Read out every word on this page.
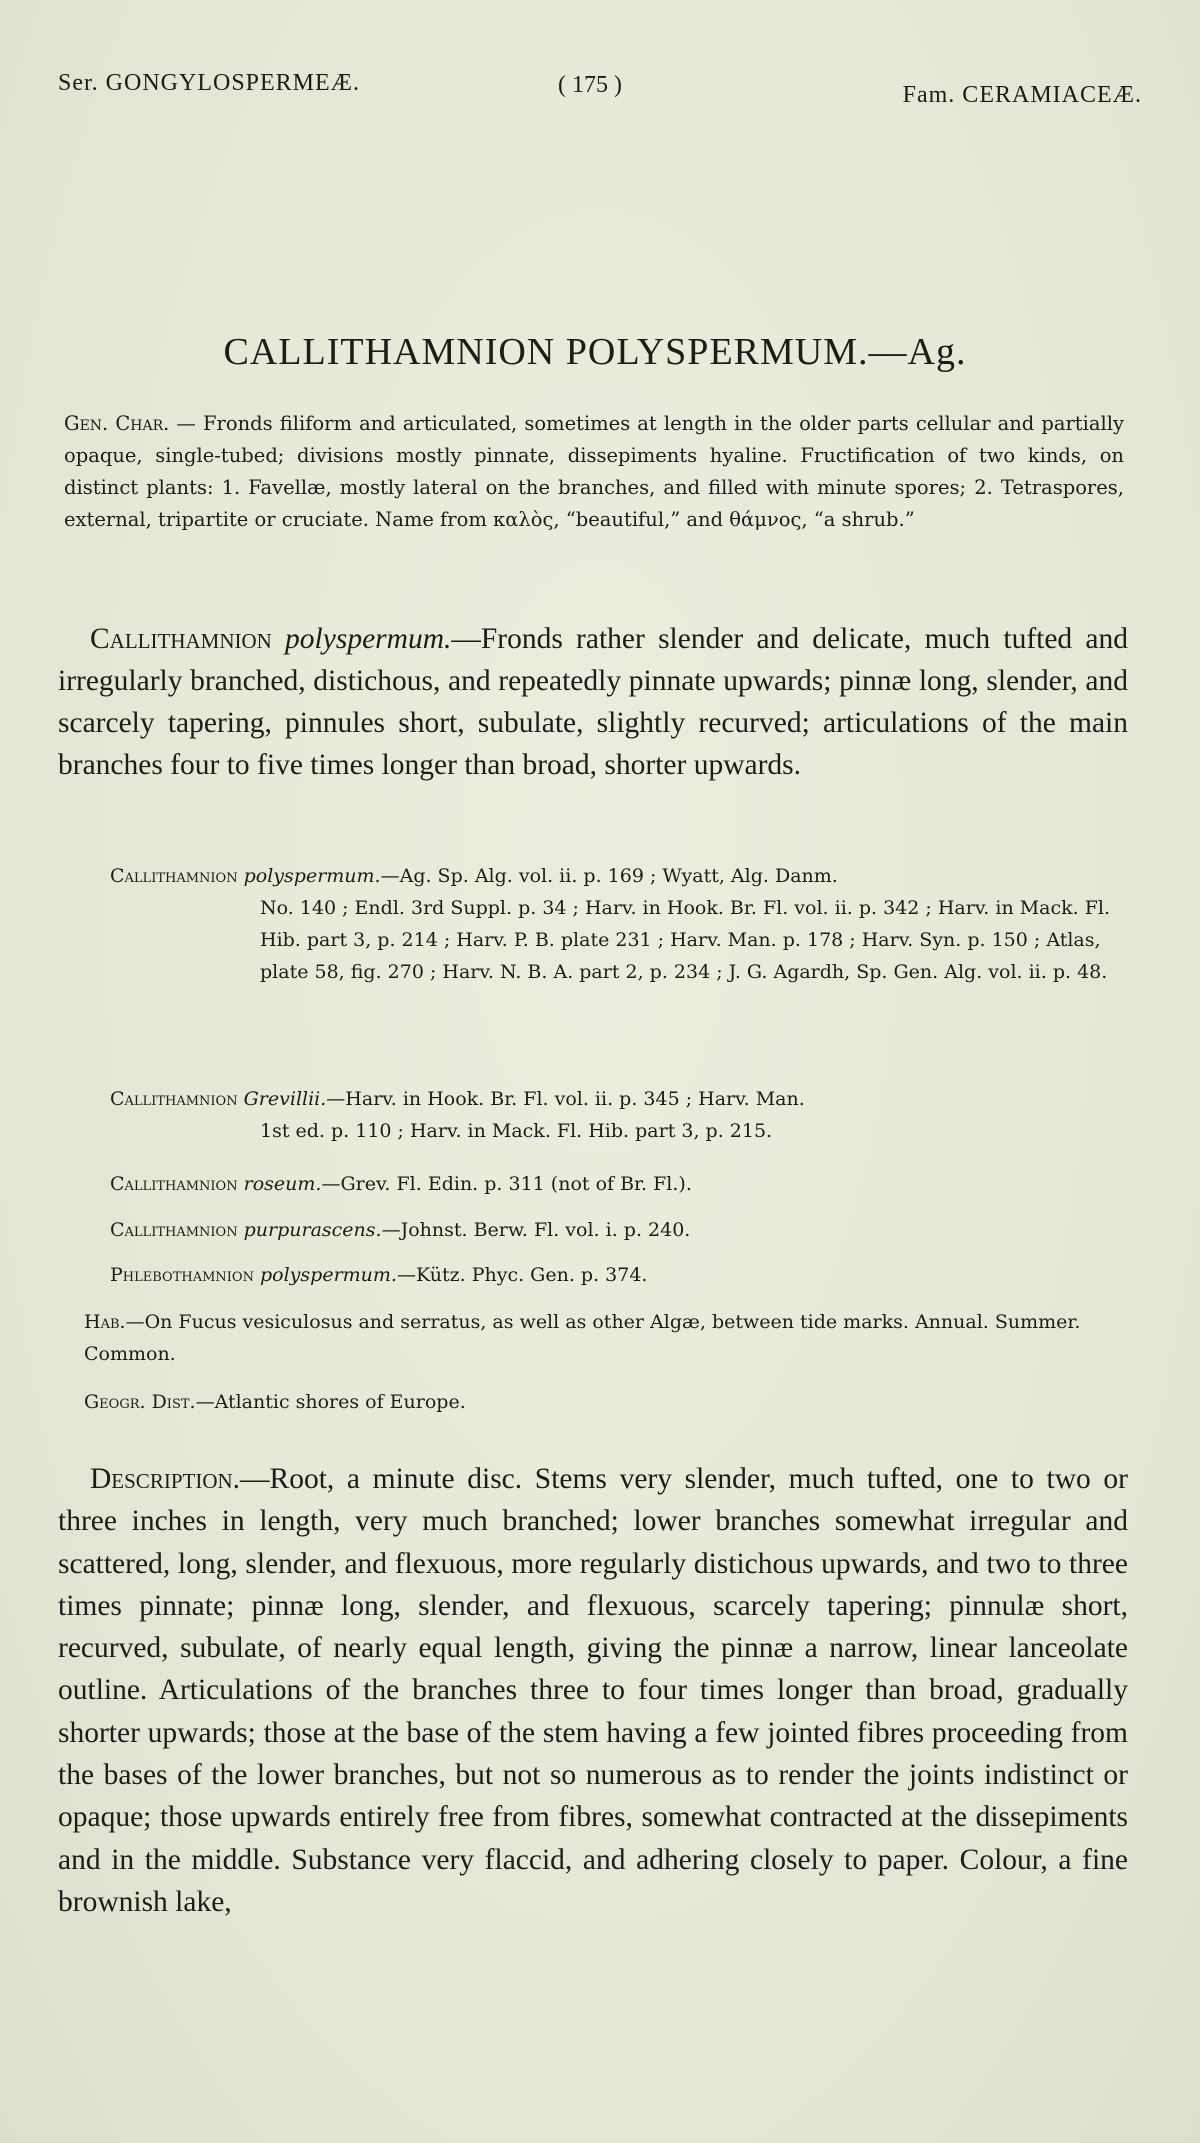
Ser. GONGYLOSPERMEÆ.	( 175 )	Fam. CERAMIACEÆ.
CALLITHAMNION POLYSPERMUM.—Ag.
Gen. Char. — Fronds filiform and articulated, sometimes at length in the older parts cellular and partially opaque, single-tubed; divisions mostly pinnate, dissepiments hyaline. Fructification of two kinds, on distinct plants: 1. Favellæ, mostly lateral on the branches, and filled with minute spores; 2. Tetraspores, external, tripartite or cruciate. Name from καλὸς, “beautiful,” and θάμνος, “a shrub.”
Callithamnion polyspermum.—Fronds rather slender and delicate, much tufted and irregularly branched, distichous, and repeatedly pinnate upwards; pinnæ long, slender, and scarcely tapering, pinnules short, subulate, slightly recurved; articulations of the main branches four to five times longer than broad, shorter upwards.
Callithamnion polyspermum.—Ag. Sp. Alg. vol. ii. p. 169 ; Wyatt, Alg. Danm.
No. 140 ; Endl. 3rd Suppl. p. 34 ; Harv. in Hook. Br. Fl. vol. ii. p. 342 ; Harv. in Mack. Fl. Hib. part 3, p. 214 ; Harv. P. B. plate 231 ; Harv. Man. p. 178 ; Harv. Syn. p. 150 ; Atlas, plate 58, fig. 270 ; Harv. N. B. A. part 2, p. 234 ; J. G. Agardh, Sp. Gen. Alg. vol. ii. p. 48.
Callithamnion Grevillii.—Harv. in Hook. Br. Fl. vol. ii. p. 345 ; Harv. Man.
1st ed. p. 110 ; Harv. in Mack. Fl. Hib. part 3, p. 215.
Callithamnion roseum.—Grev. Fl. Edin. p. 311 (not of Br. Fl.).
Callithamnion purpurascens.—Johnst. Berw. Fl. vol. i. p. 240.
Phlebothamnion polyspermum.—Kütz. Phyc. Gen. p. 374.
Hab.—On Fucus vesiculosus and serratus, as well as other Algæ, between tide marks. Annual. Summer. Common.
Geogr. Dist.—Atlantic shores of Europe.
Description.—Root, a minute disc. Stems very slender, much tufted, one to two or three inches in length, very much branched; lower branches somewhat irregular and scattered, long, slender, and flexuous, more regularly distichous upwards, and two to three times pinnate; pinnæ long, slender, and flexuous, scarcely tapering; pinnulæ short, recurved, subulate, of nearly equal length, giving the pinnæ a narrow, linear lanceolate outline. Articulations of the branches three to four times longer than broad, gradually shorter upwards; those at the base of the stem having a few jointed fibres proceeding from the bases of the lower branches, but not so numerous as to render the joints indistinct or opaque; those upwards entirely free from fibres, somewhat contracted at the dissepiments and in the middle. Substance very flaccid, and adhering closely to paper. Colour, a fine brownish lake,
